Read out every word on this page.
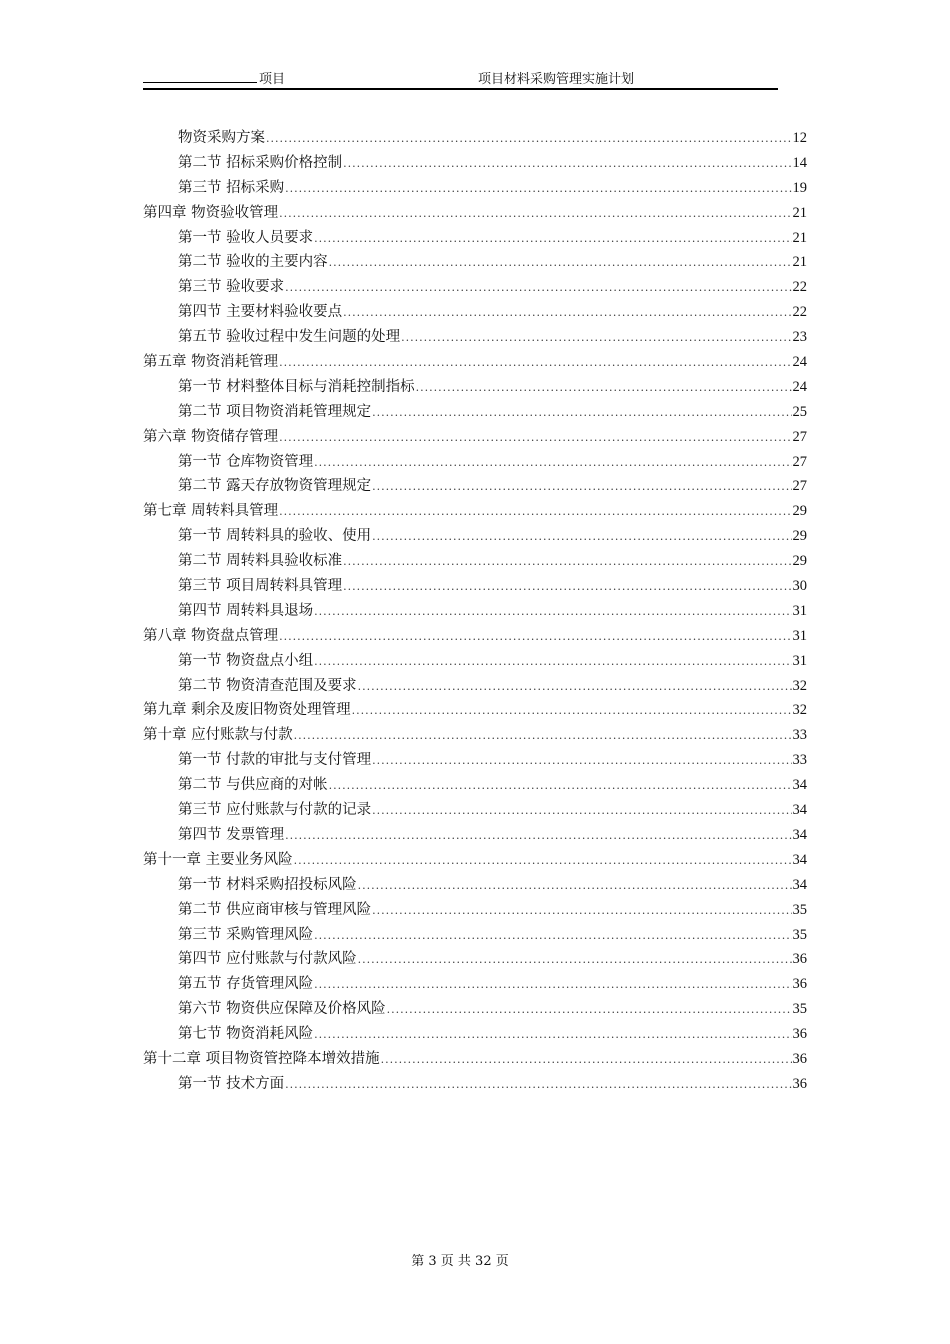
项目	项目材料采购管理实施计划
物资采购方案 .....	12
第二节 招标采购价格控制 .....	14
第三节 招标采购 .....	19
第四章 物资验收管理 .....	21
第一节 验收人员要求 .....	21
第二节 验收的主要内容 .....	21
第三节 验收要求 .....	22
第四节 主要材料验收要点 .....	22
第五节 验收过程中发生问题的处理 .....	23
第五章 物资消耗管理 .....	24
第一节 材料整体目标与消耗控制指标 .....	24
第二节 项目物资消耗管理规定 .....	25
第六章 物资储存管理 .....	27
第一节 仓库物资管理 .....	27
第二节 露天存放物资管理规定 .....	27
第七章 周转料具管理 .....	29
第一节 周转料具的验收、使用 .....	29
第二节 周转料具验收标准 .....	29
第三节 项目周转料具管理 .....	30
第四节 周转料具退场 .....	31
第八章 物资盘点管理 .....	31
第一节 物资盘点小组 .....	31
第二节 物资清查范围及要求 .....	32
第九章 剩余及废旧物资处理管理 .....	32
第十章 应付账款与付款 .....	33
第一节 付款的审批与支付管理 .....	33
第二节 与供应商的对帐 .....	34
第三节 应付账款与付款的记录 .....	34
第四节 发票管理 .....	34
第十一章 主要业务风险 .....	34
第一节 材料采购招投标风险 .....	34
第二节 供应商审核与管理风险 .....	35
第三节 采购管理风险 .....	35
第四节 应付账款与付款风险 .....	36
第五节 存货管理风险 .....	36
第六节 物资供应保障及价格风险 .....	35
第七节 物资消耗风险 .....	36
第十二章 项目物资管控降本增效措施 .....	36
第一节 技术方面 .....	36
第 3 页 共 32 页
